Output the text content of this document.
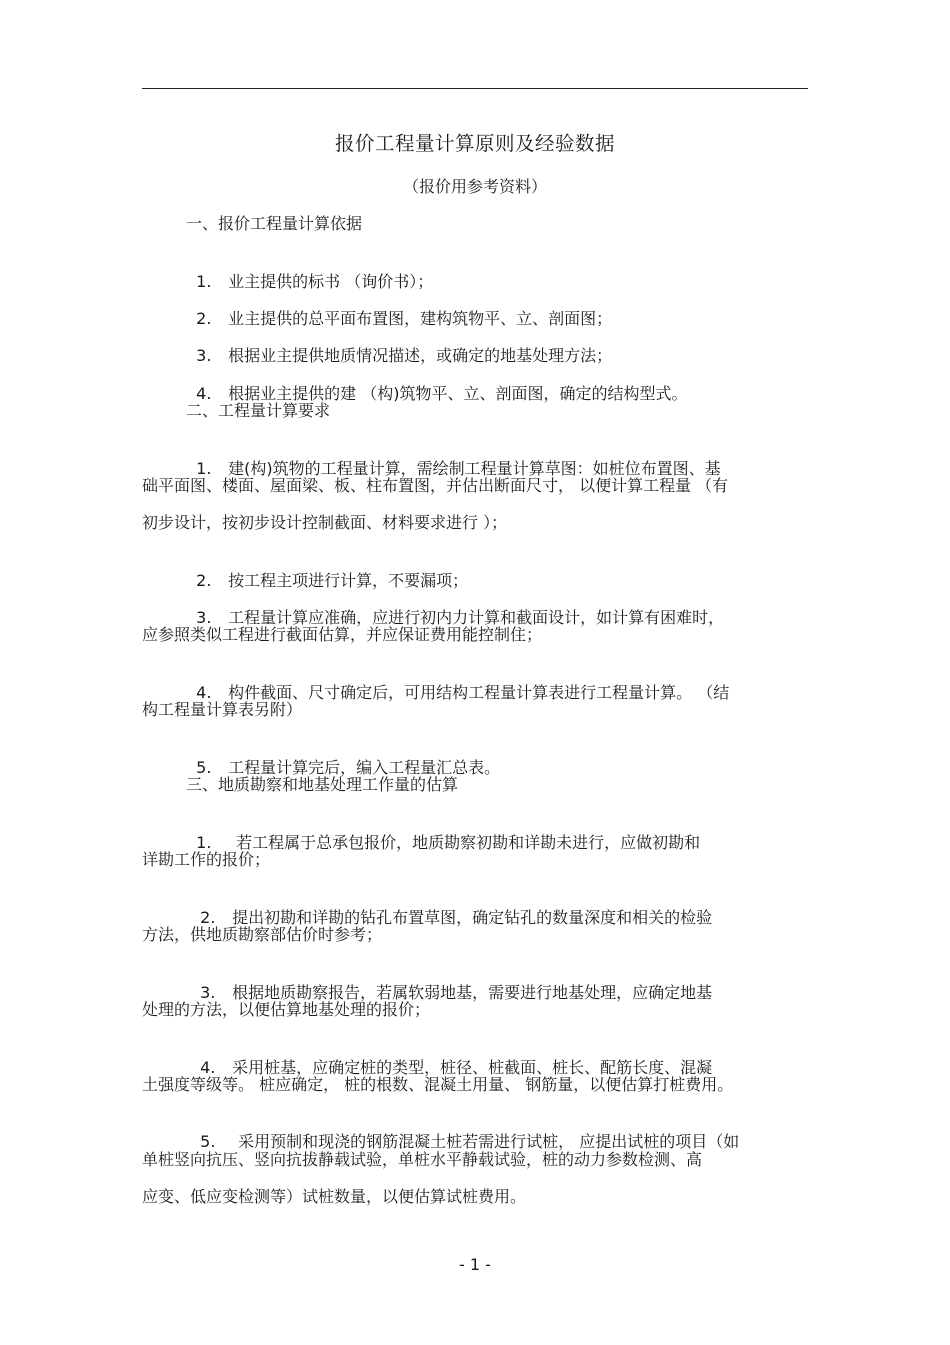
报价工程量计算原则及经验数据
（报价用参考资料）
一、报价工程量计算依据

1. 业主提供的标书 （询价书）；

2. 业主提供的总平面布置图，建构筑物平、立、剖面图；

3. 根据业主提供地质情况描述，或确定的地基处理方法；

4. 根据业主提供的建 （构)筑物平、立、剖面图，确定的结构型式。

二、工程量计算要求

1. 建(构)筑物的工程量计算，需绘制工程量计算草图：如桩位布置图、基

础平面图、楼面、屋面梁、板、柱布置图，并估出断面尺寸， 以便计算工程量 （有
初步设计，按初步设计控制截面、材料要求进行 ）；

2. 按工程主项进行计算，不要漏项；

3. 工程量计算应准确，应进行初内力计算和截面设计，如计算有困难时，

应参照类似工程进行截面估算，并应保证费用能控制住；

4. 构件截面、尺寸确定后，可用结构工程量计算表进行工程量计算。 （结

构工程量计算表另附）

5. 工程量计算完后，编入工程量汇总表。

三、地质勘察和地基处理工作量的估算

1. 若工程属于总承包报价，地质勘察初勘和详勘未进行，应做初勘和

详勘工作的报价；

2. 提出初勘和详勘的钻孔布置草图，确定钻孔的数量深度和相关的检验

方法，供地质勘察部估价时参考；

3. 根据地质勘察报告，若属软弱地基，需要进行地基处理，应确定地基

处理的方法，以便估算地基处理的报价；

4. 采用桩基，应确定桩的类型，桩径、桩截面、桩长、配筋长度、混凝

土强度等级等。 桩应确定， 桩的根数、混凝土用量、 钢筋量，以便估算打桩费用。

5. 采用预制和现浇的钢筋混凝土桩若需进行试桩， 应提出试桩的项目（如

单桩竖向抗压、竖向抗拔静载试验，单桩水平静载试验，桩的动力参数检测、高
应变、低应变检测等）试桩数量，以便估算试桩费用。
- 1 -
